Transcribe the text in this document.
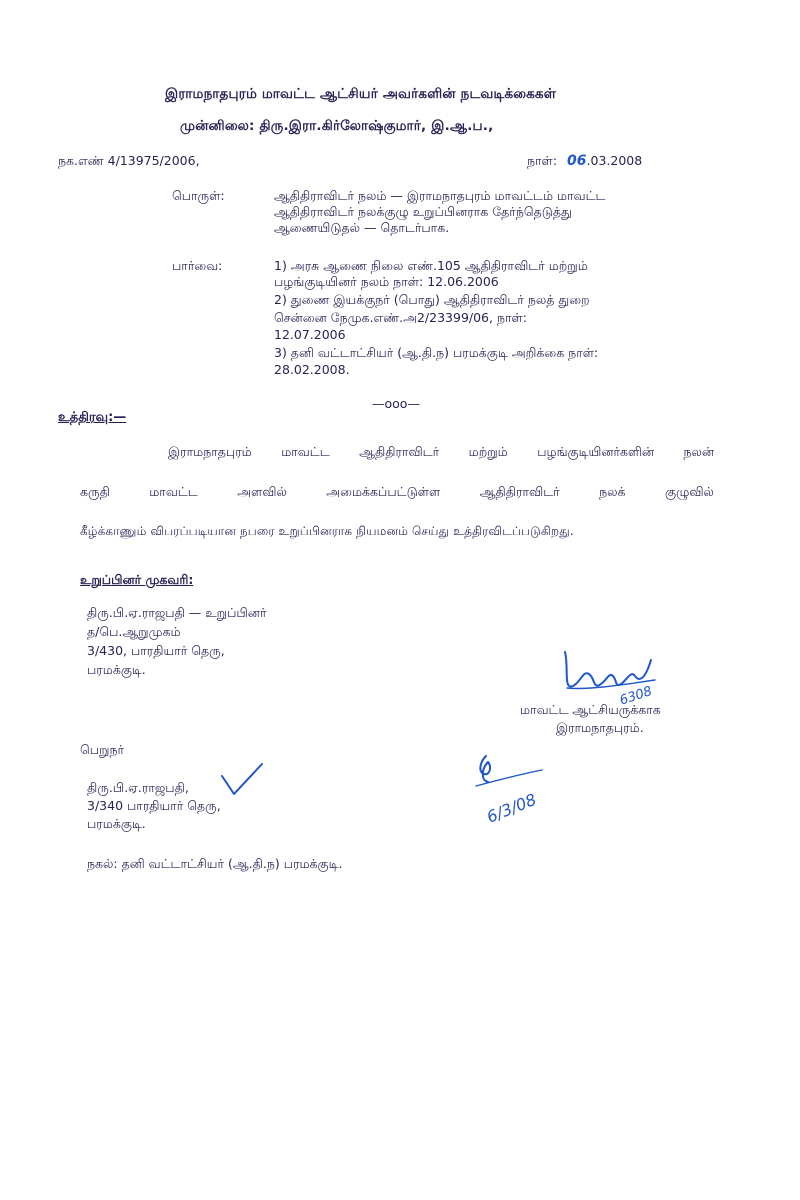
இராமநாதபுரம் மாவட்ட ஆட்சியர் அவர்களின் நடவடிக்கைகள்
முன்னிலை: திரு.இரா.கிர்லோஷ்குமார், இ.ஆ.ப.,
நக.எண் 4/13975/2006,	நாள்: 06.03.2008
பொருள்:	ஆதிதிராவிடர் நலம் — இராமநாதபுரம் மாவட்டம் மாவட்ட
ஆதிதிராவிடர் நலக்குழு உறுப்பினராக தேர்ந்தெடுத்து
ஆணையிடுதல் — தொடர்பாக.
பார்வை:	1) அரசு ஆணை நிலை எண்.105 ஆதிதிராவிடர் மற்றும்
பழங்குடியினர் நலம் நாள்: 12.06.2006
2) துணை இயக்குநர் (பொது) ஆதிதிராவிடர் நலத் துறை
சென்னை நேமுக.எண்.அ2/23399/06, நாள்:
12.07.2006
3) தனி வட்டாட்சியர் (ஆ.தி.ந) பரமக்குடி அறிக்கை நாள்:
28.02.2008.
—ooo—
உத்திரவு:—
இராமநாதபுரம் மாவட்ட ஆதிதிராவிடர் மற்றும் பழங்குடியினர்களின் நலன்
கருதி	மாவட்ட	அளவில்	அமைக்கப்பட்டுள்ள	ஆதிதிராவிடர்	நலக்	குழுவில்
கீழ்க்காணும் விபரப்படியான நபரை உறுப்பினராக நியமனம் செய்து உத்திரவிடப்படுகிறது.
உறுப்பினர் முகவரி:
திரு.பி.ஏ.ராஜபதி — உறுப்பினர்
த/பெ.ஆறுமுகம்
3/430, பாரதியார் தெரு,
பரமக்குடி.
6308
மாவட்ட ஆட்சியருக்காக
இராமநாதபுரம்.
பெறுநர்
திரு.பி.ஏ.ராஜபதி,
3/340 பாரதியார் தெரு,
பரமக்குடி.	6/3/08
நகல்: தனி வட்டாட்சியர் (ஆ.தி.ந) பரமக்குடி.
